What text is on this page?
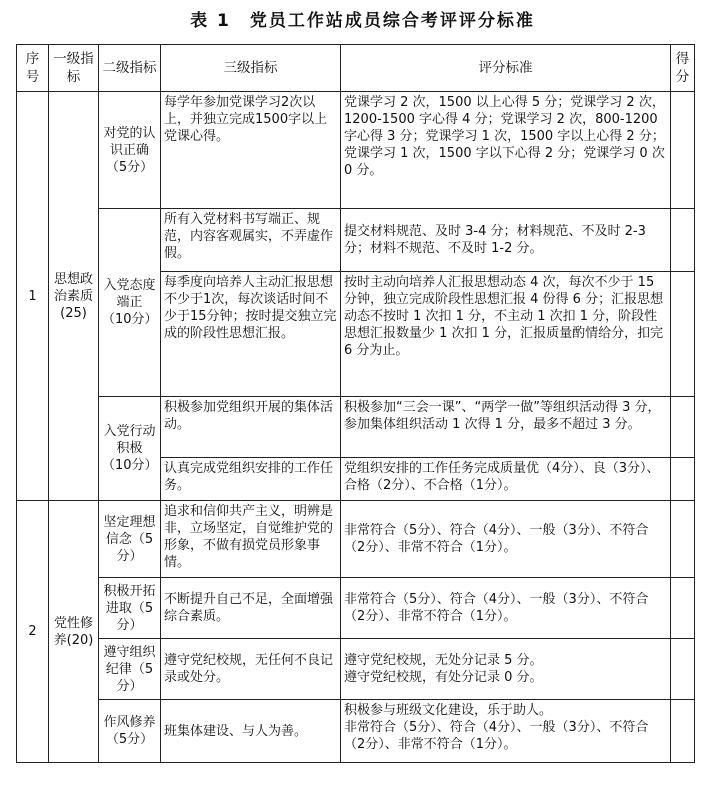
表 1　党员工作站成员综合考评评分标准
序号	一级指标	二级指标	三级指标	评分标准	得分
1	思想政治素质(25)	对党的认识正确（5分）	每学年参加党课学习2次以上，并独立完成1500字以上党课心得。	党课学习 2 次，1500 以上心得 5 分；党课学习 2 次，1200-1500 字心得 4 分；党课学习 2 次，800-1200 字心得 3 分；党课学习 1 次，1500 字以上心得 2 分；党课学习 1 次，1500 字以下心得 2 分；党课学习 0 次 0 分。	
		入党态度端正（10分）	所有入党材料书写端正、规范，内容客观属实，不弄虚作假。	提交材料规范、及时 3-4 分；材料规范、不及时 2-3 分；材料不规范、不及时 1-2 分。	
			每季度向培养人主动汇报思想不少于1次，每次谈话时间不少于15分钟；按时提交独立完成的阶段性思想汇报。	按时主动向培养人汇报思想动态 4 次，每次不少于 15 分钟，独立完成阶段性思想汇报 4 份得 6 分；汇报思想动态不按时 1 次扣 1 分，不主动 1 次扣 1 分，阶段性思想汇报数量少 1 次扣 1 分，汇报质量酌情给分，扣完 6 分为止。	
		入党行动积极（10分）	积极参加党组织开展的集体活动。	积极参加“三会一课”、“两学一做”等组织活动得 3 分，参加集体组织活动 1 次得 1 分，最多不超过 3 分。	
			认真完成党组织安排的工作任务。	党组织安排的工作任务完成质量优（4分）、良（3分）、合格（2分）、不合格（1分）。	
2	党性修养(20)	坚定理想信念（5分）	追求和信仰共产主义，明辨是非，立场坚定，自觉维护党的形象，不做有损党员形象事情。	非常符合（5分）、符合（4分）、一般（3分）、不符合（2分）、非常不符合（1分）。	
		积极开拓进取（5分）	不断提升自己不足，全面增强综合素质。	非常符合（5分）、符合（4分）、一般（3分）、不符合（2分）、非常不符合（1分）。	
		遵守组织纪律（5分）	遵守党纪校规，无任何不良记录或处分。	遵守党纪校规，无处分记录 5 分。
遵守党纪校规，有处分记录 0 分。	
		作风修养（5分）	班集体建设、与人为善。	积极参与班级文化建设，乐于助人。
非常符合（5分）、符合（4分）、一般（3分）、不符合（2分）、非常不符合（1分）。	
